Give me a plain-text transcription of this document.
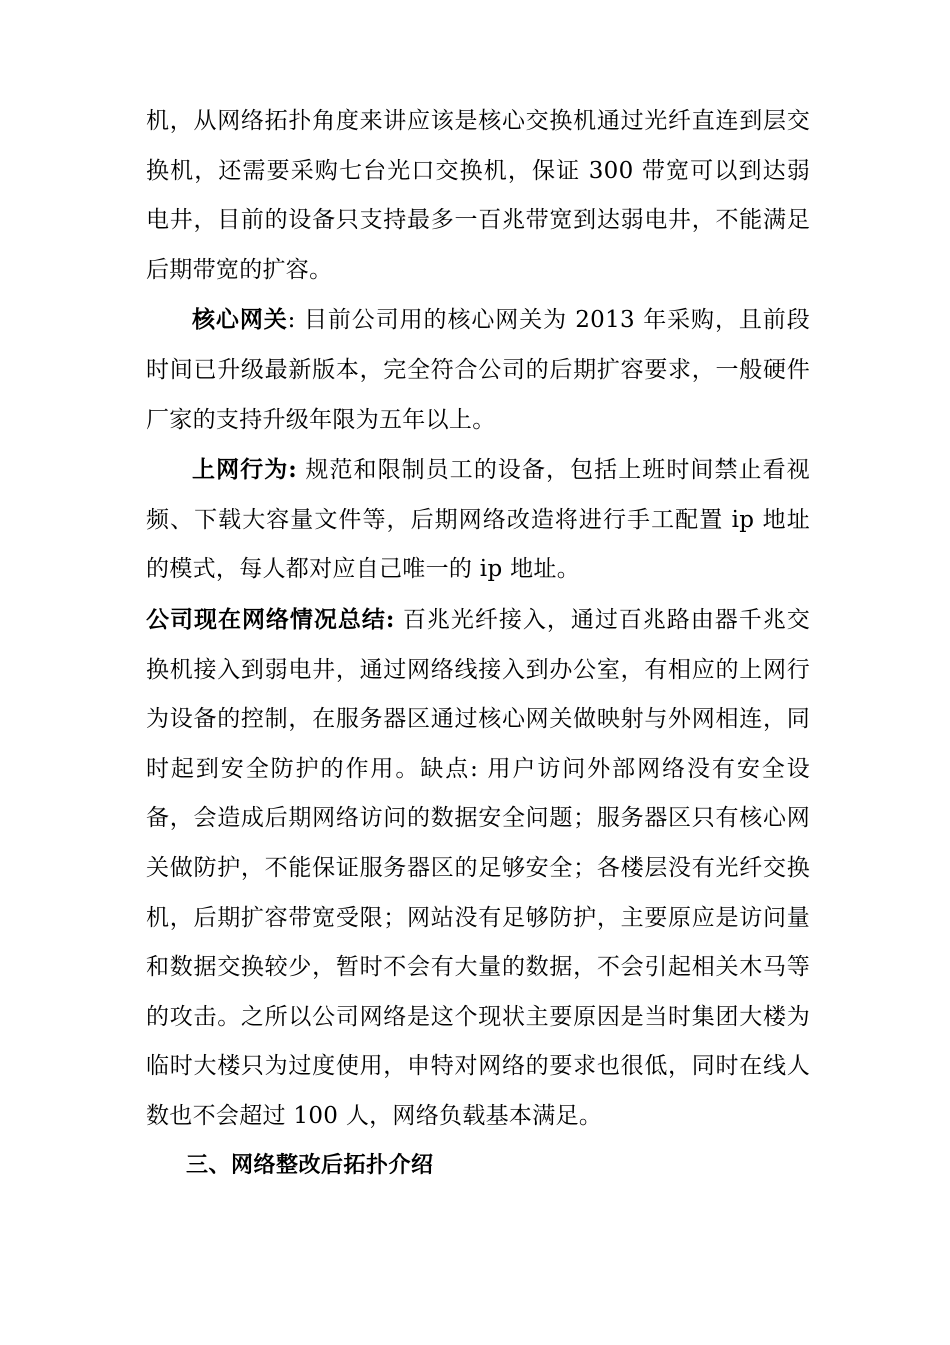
机，从网络拓扑角度来讲应该是核心交换机通过光纤直连到层交换机，还需要采购七台光口交换机，保证 300 带宽可以到达弱电井，目前的设备只支持最多一百兆带宽到达弱电井，不能满足后期带宽的扩容。

核心网关: 目前公司用的核心网关为 2013 年采购，且前段时间已升级最新版本，完全符合公司的后期扩容要求，一般硬件厂家的支持升级年限为五年以上。

上网行为: 规范和限制员工的设备，包括上班时间禁止看视频、下载大容量文件等，后期网络改造将进行手工配置 ip 地址的模式，每人都对应自己唯一的 ip 地址。

公司现在网络情况总结: 百兆光纤接入，通过百兆路由器千兆交换机接入到弱电井，通过网络线接入到办公室，有相应的上网行为设备的控制，在服务器区通过核心网关做映射与外网相连，同时起到安全防护的作用。缺点: 用户访问外部网络没有安全设备，会造成后期网络访问的数据安全问题；服务器区只有核心网关做防护，不能保证服务器区的足够安全；各楼层没有光纤交换机，后期扩容带宽受限；网站没有足够防护，主要原应是访问量和数据交换较少，暂时不会有大量的数据，不会引起相关木马等的攻击。之所以公司网络是这个现状主要原因是当时集团大楼为临时大楼只为过度使用，申特对网络的要求也很低，同时在线人数也不会超过 100 人，网络负载基本满足。

三、网络整改后拓扑介绍
